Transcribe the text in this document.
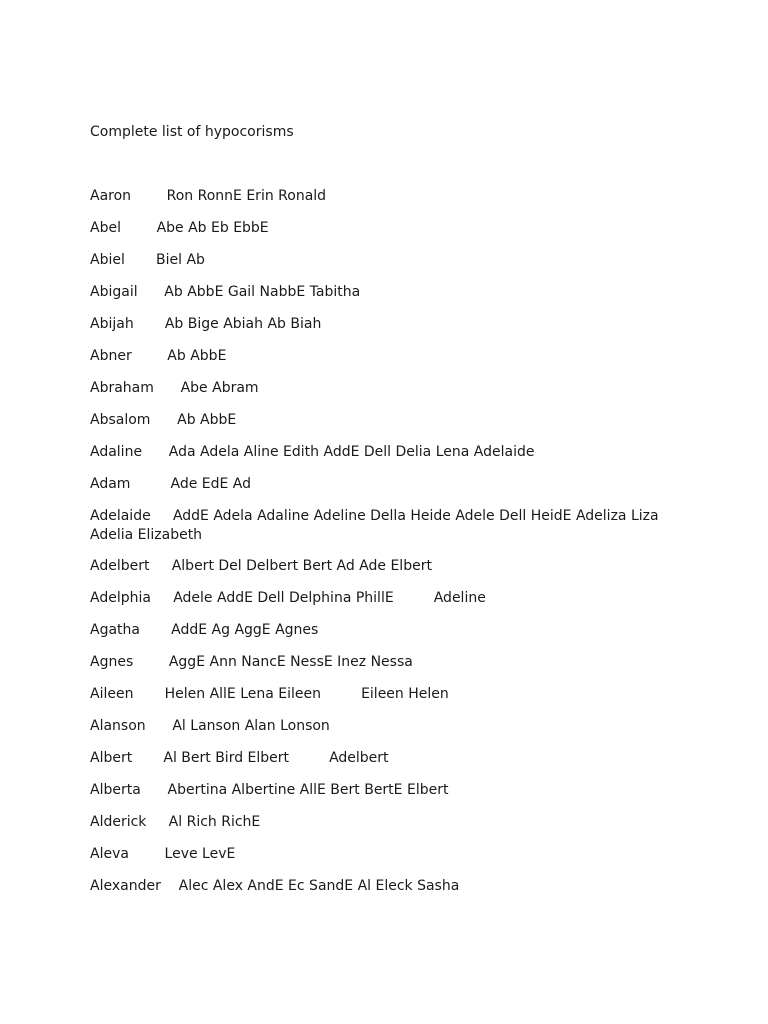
Complete list of hypocorisms
Aaron        Ron RonnE Erin Ronald
Abel        Abe Ab Eb EbbE
Abiel       Biel Ab
Abigail      Ab AbbE Gail NabbE Tabitha
Abijah       Ab Bige Abiah Ab Biah
Abner        Ab AbbE
Abraham      Abe Abram
Absalom      Ab AbbE
Adaline      Ada Adela Aline Edith AddE Dell Delia Lena Adelaide
Adam         Ade EdE Ad
Adelaide     AddE Adela Adaline Adeline Della Heide Adele Dell HeidE Adeliza Liza Adelia Elizabeth
Adelbert     Albert Del Delbert Bert Ad Ade Elbert
Adelphia     Adele AddE Dell Delphina PhillE         Adeline
Agatha       AddE Ag AggE Agnes
Agnes        AggE Ann NancE NessE Inez Nessa
Aileen       Helen AllE Lena Eileen         Eileen Helen
Alanson      Al Lanson Alan Lonson
Albert       Al Bert Bird Elbert         Adelbert
Alberta      Abertina Albertine AllE Bert BertE Elbert
Alderick     Al Rich RichE
Aleva        Leve LevE
Alexander    Alec Alex AndE Ec SandE Al Eleck Sasha
